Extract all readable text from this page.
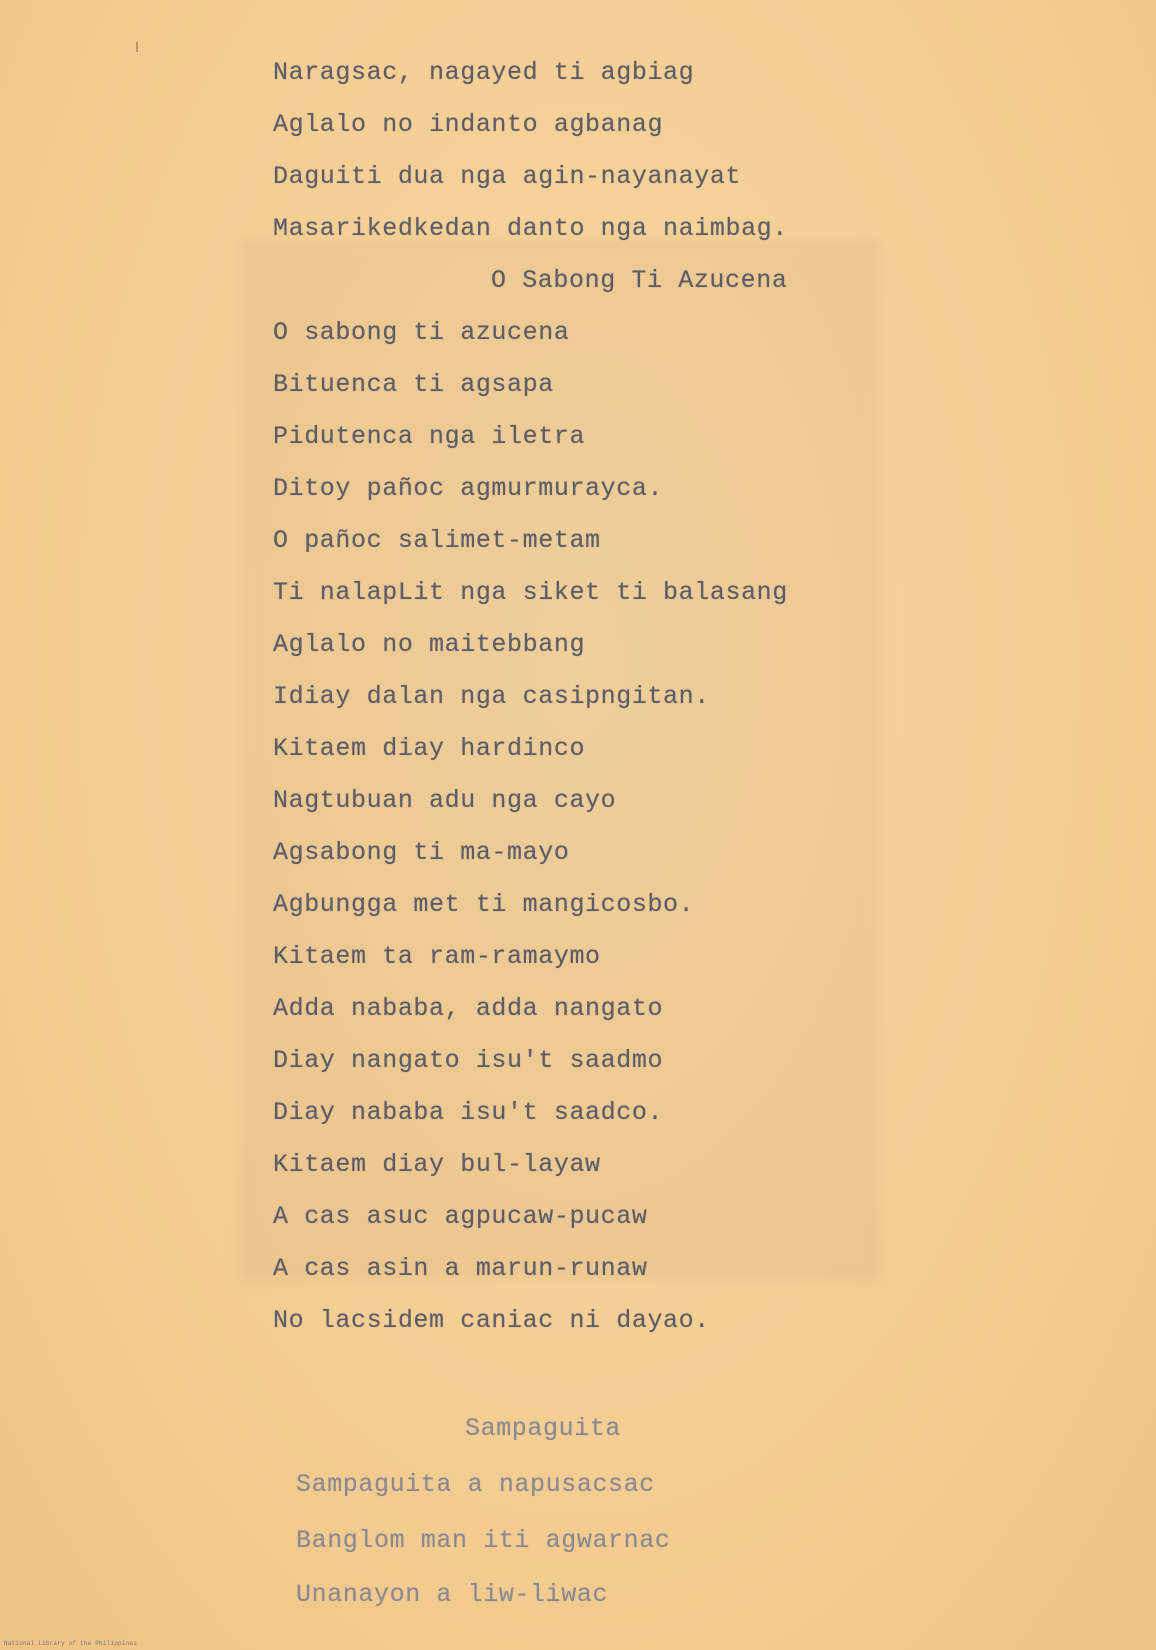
Naragsac, nagayed ti agbiag
Aglalo no indanto agbanag
Daguiti dua nga agin-nayanayat
Masarikedkedan danto nga naimbag.
O Sabong Ti Azucena
O sabong ti azucena
Bituenca ti agsapa
Pidutenca nga iletra
Ditoy pañoc agmurmurayca.
O pañoc salimet-metam
Ti nalapLit nga siket ti balasang
Aglalo no maitebbang
Idiay dalan nga casipngitan.
Kitaem diay hardinco
Nagtubuan adu nga cayo
Agsabong ti ma-mayo
Agbungga met ti mangicosbo.
Kitaem ta ram-ramaymo
Adda nababa, adda nangato
Diay nangato isu't saadmo
Diay nababa isu't saadco.
Kitaem diay bul-layaw
A cas asuc agpucaw-pucaw
A cas asin a marun-runaw
No lacsidem caniac ni dayao.
Sampaguita
Sampaguita a napusacsac
Banglom man iti agwarnac
Unanayon a liw-liwac
National Library of the Philippines
